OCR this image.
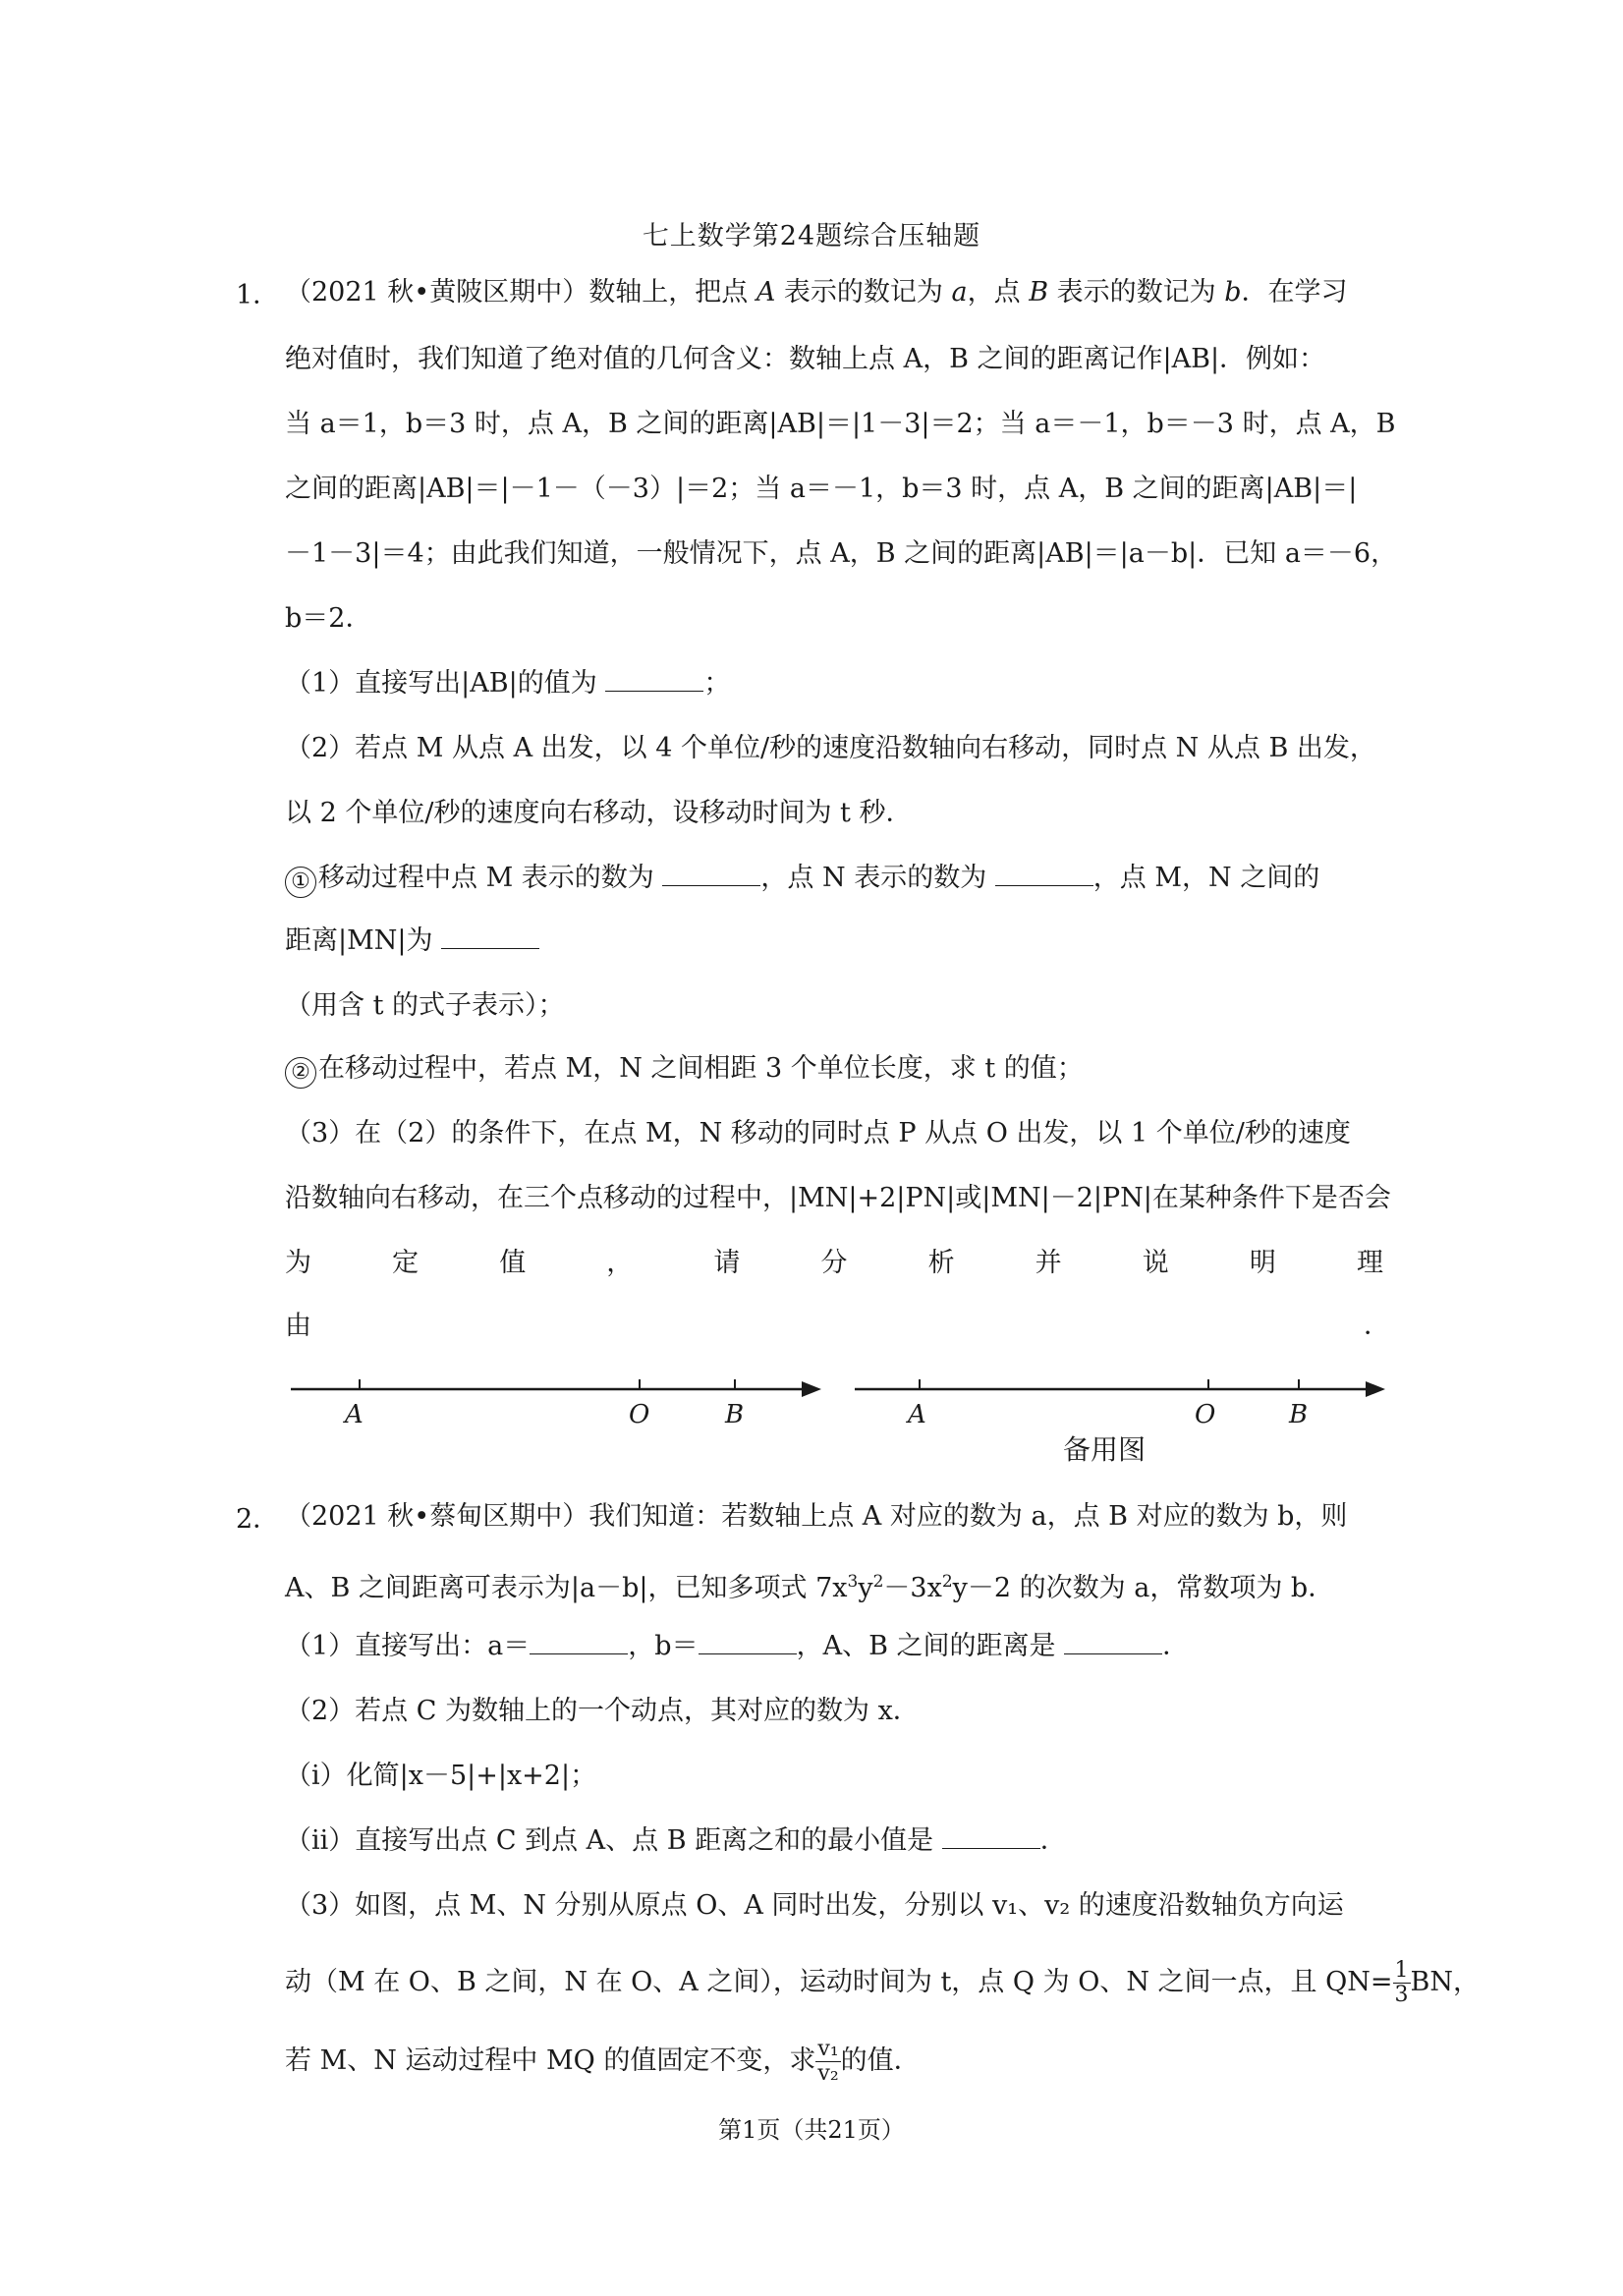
七上数学第24题综合压轴题
1． （2021 秋•黄陂区期中）数轴上，把点 A 表示的数记为 a，点 B 表示的数记为 b．在学习
绝对值时，我们知道了绝对值的几何含义：数轴上点 A，B 之间的距离记作|AB|．例如：
当 a＝1，b＝3 时，点 A，B 之间的距离|AB|＝|1－3|＝2；当 a＝－1，b＝－3 时，点 A，B
之间的距离|AB|＝|－1－（－3）|＝2；当 a＝－1，b＝3 时，点 A，B 之间的距离|AB|＝|
－1－3|＝4；由此我们知道，一般情况下，点 A，B 之间的距离|AB|＝|a－b|．已知 a＝－6，
b＝2．
（1）直接写出|AB|的值为	；
（2）若点 M 从点 A 出发，以 4 个单位/秒的速度沿数轴向右移动，同时点 N 从点 B 出发，
以 2 个单位/秒的速度向右移动，设移动时间为 t 秒．
① 移动过程中点 M 表示的数为	，点 N 表示的数为	，点 M，N 之间的
距离|MN|为
（用含 t 的式子表示）；
② 在移动过程中，若点 M，N 之间相距 3 个单位长度，求 t 的值；
（3）在（2）的条件下，在点 M，N 移动的同时点 P 从点 O 出发，以 1 个单位/秒的速度
沿数轴向右移动，在三个点移动的过程中，|MN|+2|PN|或|MN|－2|PN|在某种条件下是否会
为	定	值	，	请	分	析	并	说	明	理
由	．
A	O	B	A	O	B
备用图
2． （2021 秋•蔡甸区期中）我们知道：若数轴上点 A 对应的数为 a，点 B 对应的数为 b，则
A、B 之间距离可表示为|a－b|，已知多项式 $7x^3y^2-3x^2y-2$ 的次数为 a，常数项为 b．
（1）直接写出：a＝	，b＝	，A、B 之间的距离是	．
（2）若点 C 为数轴上的一个动点，其对应的数为 x．
（i）化简|x－5|+|x+2|；
（ii）直接写出点 C 到点 A、点 B 距离之和的最小值是	．
（3）如图，点 M、N 分别从原点 O、A 同时出发，分别以 v₁、v₂ 的速度沿数轴负方向运
动（M 在 O、B 之间，N 在 O、A 之间），运动时间为 t，点 Q 为 O、N 之间一点，且 $QN= \frac{1}{3}$ BN，
若 M、N 运动过程中 MQ 的值固定不变，求 $\frac{\text{v₁}}{\text{v₂}}$ 的值．
第1页（共21页）
